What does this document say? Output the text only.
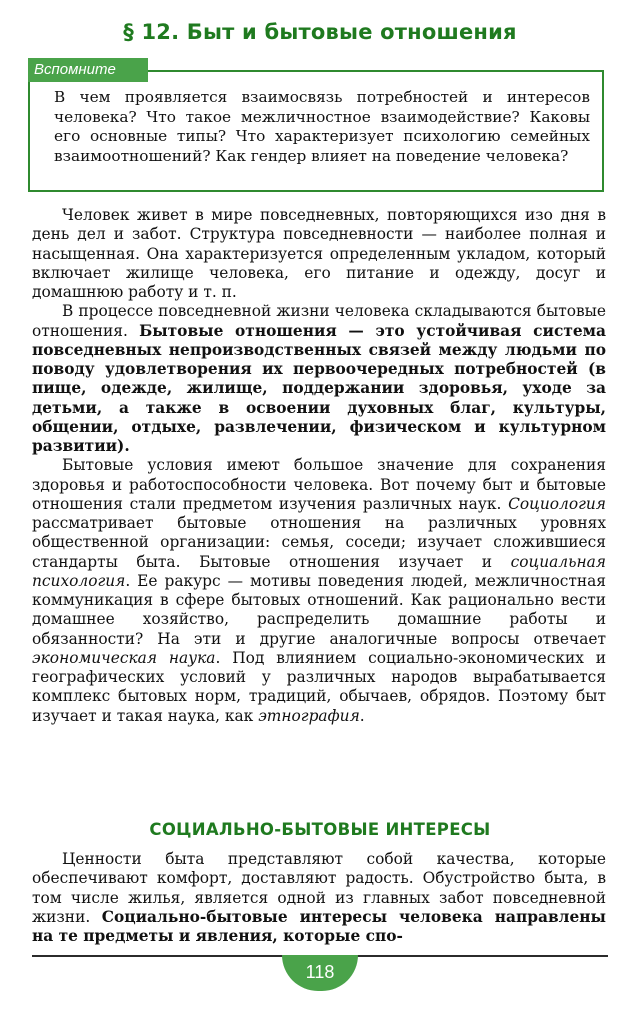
§ 12. Быт и бытовые отношения
Вспомните
В чем проявляется взаимосвязь потребностей и интересов человека? Что такое межличностное взаимодействие? Каковы его основные типы? Что характеризует психологию семейных взаимоотношений? Как гендер влияет на поведение человека?

Человек живет в мире повседневных, повторяющихся изо дня в день дел и забот. Структура повседневности — наиболее полная и насыщенная. Она характеризуется определенным укладом, который включает жилище человека, его питание и одежду, досуг и домашнюю работу и т. п.

В процессе повседневной жизни человека складываются бытовые отношения. Бытовые отношения — это устойчивая система повседневных непроизводственных связей между людьми по поводу удовлетворения их первоочередных потребностей (в пище, одежде, жилище, поддержании здоровья, уходе за детьми, а также в освоении духовных благ, культуры, общении, отдыхе, развлечении, физическом и культурном развитии).

Бытовые условия имеют большое значение для сохранения здоровья и работоспособности человека. Вот почему быт и бытовые отношения стали предметом изучения различных наук. Социология рассматривает бытовые отношения на различных уровнях общественной организации: семья, соседи; изучает сложившиеся стандарты быта. Бытовые отношения изучает и социальная психология. Ее ракурс — мотивы поведения людей, межличностная коммуникация в сфере бытовых отношений. Как рационально вести домашнее хозяйство, распределить домашние работы и обязанности? На эти и другие аналогичные вопросы отвечает экономическая наука. Под влиянием социально-экономических и географических условий у различных народов вырабатывается комплекс бытовых норм, традиций, обычаев, обрядов. Поэтому быт изучает и такая наука, как этнография.

СОЦИАЛЬНО-БЫТОВЫЕ ИНТЕРЕСЫ

Ценности быта представляют собой качества, которые обеспечивают комфорт, доставляют радость. Обустройство быта, в том числе жилья, является одной из главных забот повседневной жизни. Социально-бытовые интересы человека направлены на те предметы и явления, которые спо-

118
